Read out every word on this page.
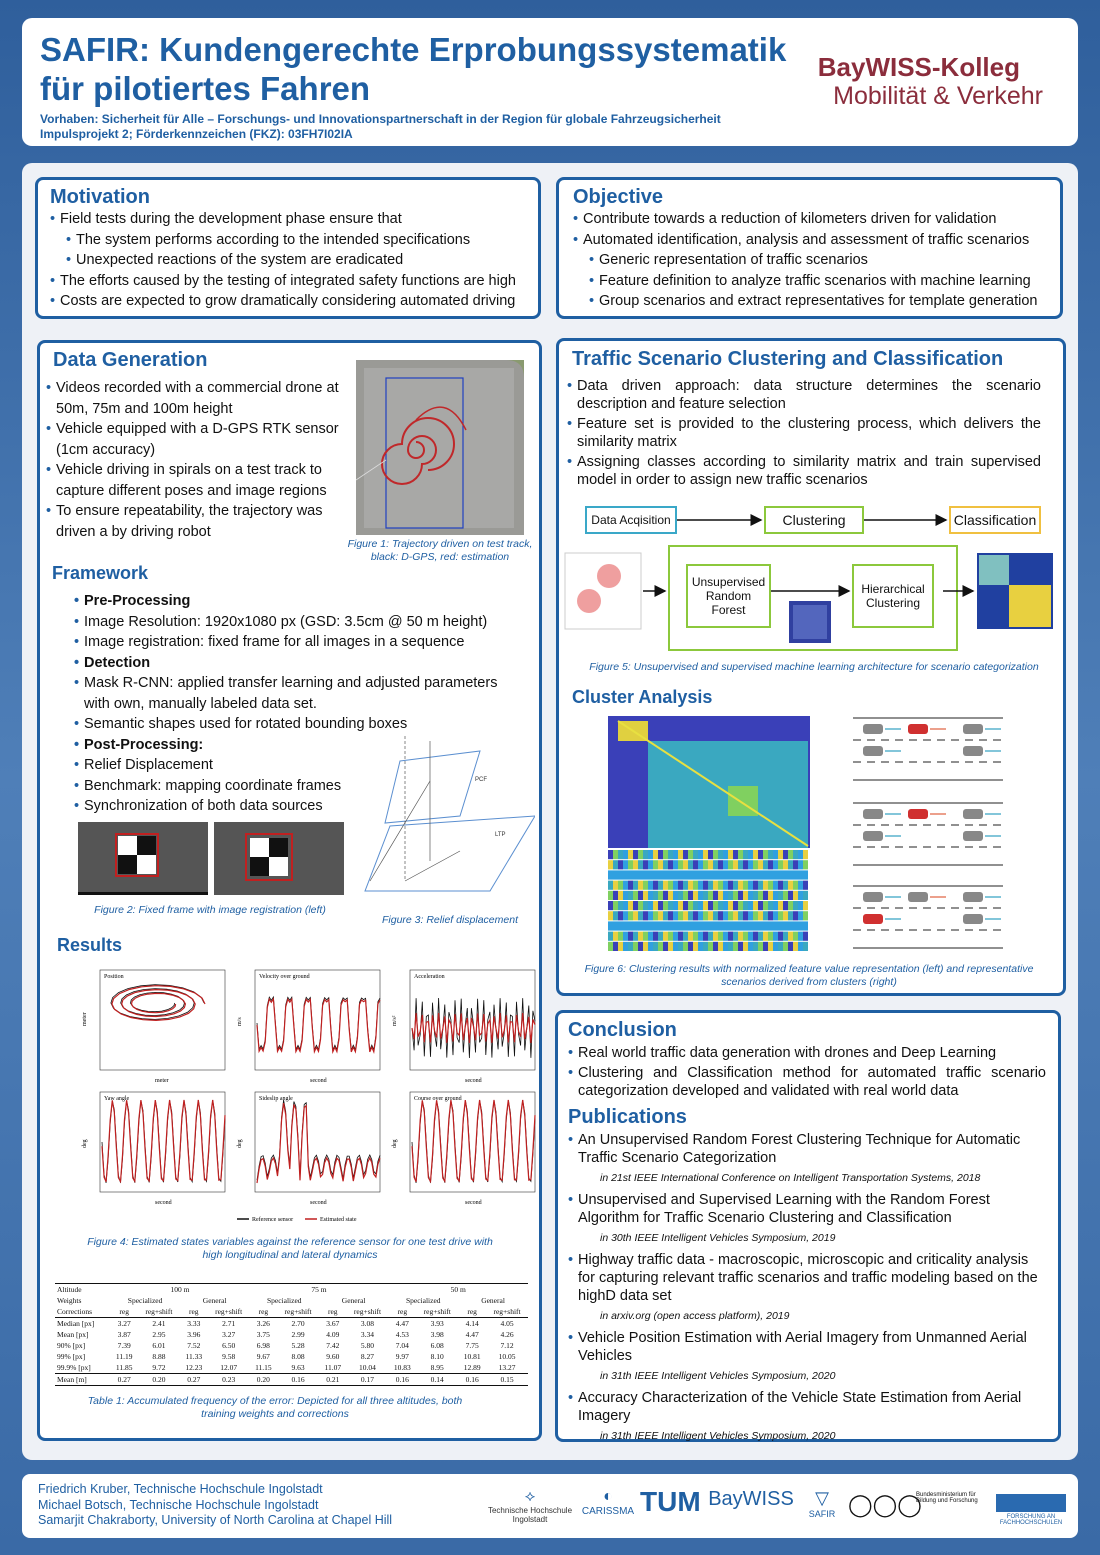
SAFIR: Kundengerechte Erprobungssystematik
für pilotiertes Fahren
Vorhaben: Sicherheit für Alle – Forschungs- und Innovationspartnerschaft in der Region für globale Fahrzeugsicherheit
Impulsprojekt 2; Förderkennzeichen (FKZ): 03FH7I02IA
BayWISS-Kolleg
Mobilität & Verkehr
Motivation
• Field tests during the development phase ensure that
• The system performs according to the intended specifications
• Unexpected reactions of the system are eradicated
• The efforts caused by the testing of integrated safety functions are high
• Costs are expected to grow dramatically considering automated driving
Objective
• Contribute towards a reduction of kilometers driven for validation
• Automated identification, analysis and assessment of traffic scenarios
• Generic representation of traffic scenarios
• Feature definition to analyze traffic scenarios with machine learning
• Group scenarios and extract representatives for template generation
Data Generation
• Videos recorded with a commercial drone at 50m, 75m and 100m height
• Vehicle equipped with a D-GPS RTK sensor (1cm accuracy)
• Vehicle driving in spirals on a test track to capture different poses and image regions
• To ensure repeatability, the trajectory was driven a by driving robot
Figure 1: Trajectory driven on test track, black: D-GPS, red: estimation
Framework
• Pre-Processing
• Image Resolution: 1920x1080 px (GSD: 3.5cm @ 50 m height)
• Image registration: fixed frame for all images in a sequence
• Detection
• Mask R-CNN: applied transfer learning and adjusted parameters with own, manually labeled data set.
• Semantic shapes used for rotated bounding boxes
• Post-Processing:
• Relief Displacement
• Benchmark: mapping coordinate frames
• Synchronization of both data sources
Figure 2: Fixed frame with image registration (left)
PCF
LTP
Figure 3: Relief displacement
Results
Position
meter
meter
Velocity over ground
second
m/s
Acceleration
second
m/s²
Yaw angle
second
deg
Sideslip angle
second
deg
Course over ground
second
deg
Reference sensor	Estimated state
Figure 4: Estimated states variables against the reference sensor for one test drive with high longitudinal and lateral dynamics
Altitude	100 m				75 m				50 m			
Weights	Specialized		General		Specialized		General		Specialized		General	
Corrections	reg	reg+shift	reg	reg+shift	reg	reg+shift	reg	reg+shift	reg	reg+shift	reg	reg+shift
Median [px]	3.27	2.41	3.33	2.71	3.26	2.70	3.67	3.08	4.47	3.93	4.14	4.05
Mean [px]	3.87	2.95	3.96	3.27	3.75	2.99	4.09	3.34	4.53	3.98	4.47	4.26
90% [px]	7.39	6.01	7.52	6.50	6.98	5.28	7.42	5.80	7.04	6.08	7.75	7.12
99% [px]	11.19	8.88	11.33	9.58	9.67	8.08	9.60	8.27	9.97	8.10	10.81	10.05
99.9% [px]	11.85	9.72	12.23	12.07	11.15	9.63	11.07	10.04	10.83	8.95	12.89	13.27
Mean [m]	0.27	0.20	0.27	0.23	0.20	0.16	0.21	0.17	0.16	0.14	0.16	0.15
Table 1: Accumulated frequency of the error: Depicted for all three altitudes, both training weights and corrections
Traffic Scenario Clustering and Classification
• Data driven approach: data structure determines the scenario description and feature selection
• Feature set is provided to the clustering process, which delivers the similarity matrix
• Assigning classes according to similarity matrix and train supervised model in order to assign new traffic scenarios
Data Acqisition	Clustering	Classification
Unsupervised Random Forest
Hierarchical Clustering
Figure 5: Unsupervised and supervised machine learning architecture for scenario categorization
Cluster Analysis
Figure 6: Clustering results with normalized feature value representation (left) and representative scenarios derived from clusters (right)
Conclusion
• Real world traffic data generation with drones and Deep Learning
• Clustering and Classification method for automated traffic scenario categorization developed and validated with real world data
Publications
• An Unsupervised Random Forest Clustering Technique for Automatic Traffic Scenario Categorization
in 21st IEEE International Conference on Intelligent Transportation Systems, 2018
• Unsupervised and Supervised Learning with the Random Forest Algorithm for Traffic Scenario Clustering and Classification
in 30th IEEE Intelligent Vehicles Symposium, 2019
• Highway traffic data - macroscopic, microscopic and criticality analysis for capturing relevant traffic scenarios and traffic modeling based on the highD data set
in arxiv.org (open access platform), 2019
• Vehicle Position Estimation with Aerial Imagery from Unmanned Aerial Vehicles
in 31th IEEE Intelligent Vehicles Symposium, 2020
• Accuracy Characterization of the Vehicle State Estimation from Aerial Imagery
in 31th IEEE Intelligent Vehicles Symposium, 2020
Friedrich Kruber, Technische Hochschule Ingolstadt
Michael Botsch, Technische Hochschule Ingolstadt
Samarjit Chakraborty, University of North Carolina at Chapel Hill
⟡
Technische Hochschule Ingolstadt
◐
CARISSMA TUM BayWISS	▽
SAFIR ◯◯◯
Bundesministerium für Bildung und Forschung
FORSCHUNG AN FACHHOCHSCHULEN
